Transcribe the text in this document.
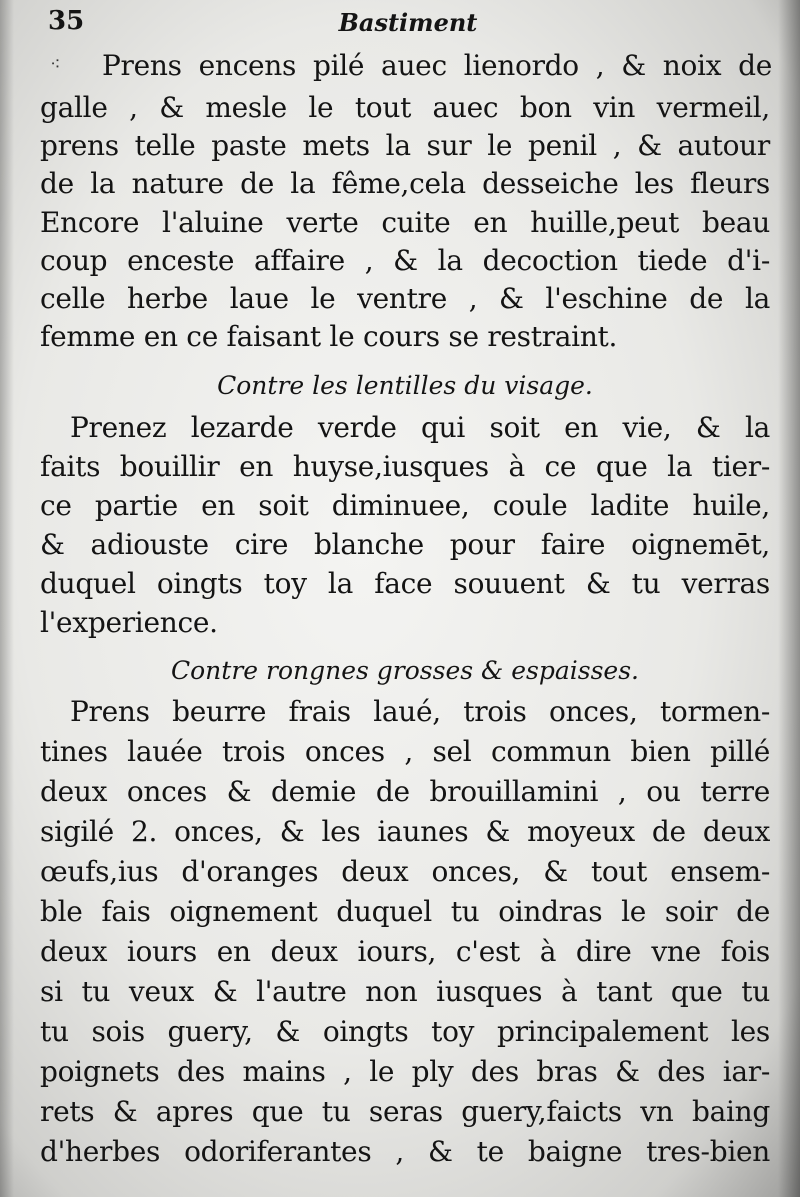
35	Bastiment
⁖ Prens encens pilé auec lienordo , & noix de
galle , & mesle le tout auec bon vin vermeil,
prens telle paste mets la sur le penil , & autour
de la nature de la fême,cela desseiche les fleurs
Encore l'aluine verte cuite en huille,peut beau
coup enceste affaire , & la decoction tiede d'i-
celle herbe laue le ventre , & l'eschine de la
femme en ce faisant le cours se restraint.
Contre les lentilles du visage.
Prenez lezarde verde qui soit en vie, & la
faits bouillir en huyse,iusques à ce que la tier-
ce partie en soit diminuee, coule ladite huile,
& adiouste cire blanche pour faire oignemēt,
duquel oingts toy la face souuent & tu verras
l'experience.
Contre rongnes grosses & espaisses.
Prens beurre frais laué, trois onces, tormen-
tines lauée trois onces , sel commun bien pillé
deux onces & demie de brouillamini , ou terre
sigilé 2. onces, & les iaunes & moyeux de deux
œufs,ius d'oranges deux onces, & tout ensem-
ble fais oignement duquel tu oindras le soir de
deux iours en deux iours, c'est à dire vne fois
si tu veux & l'autre non iusques à tant que tu
tu sois guery, & oingts toy principalement les
poignets des mains , le ply des bras & des iar-
rets & apres que tu seras guery,faicts vn baing
d'herbes odoriferantes , & te baigne tres-bien
